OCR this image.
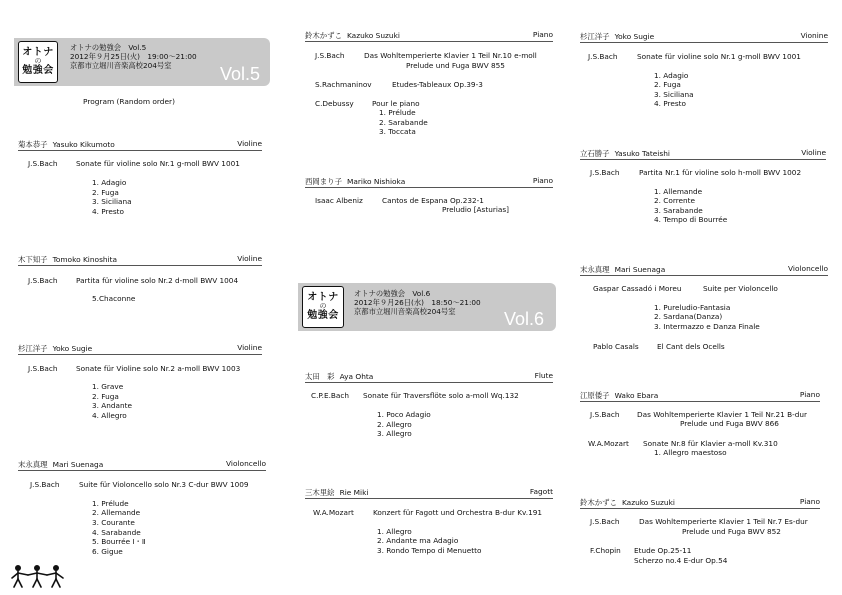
オトナ
の
勉強会
オトナの勉強会　Vol.5
2012年９月25日(火)　19:00〜21:00
京都市立堀川音楽高校204号室	Vol.5
Program (Random order)
菊本恭子 Yasuko Kikumoto	Violine
J.S.Bach	Sonate für violine solo Nr.1 g-moll BWV 1001
1. Adagio
2. Fuga
3. Siciliana
4. Presto
木下知子 Tomoko Kinoshita	Violine
J.S.Bach	Partita für violine solo Nr.2 d-moll BWV 1004
5.Chaconne
杉江洋子 Yoko Sugie	Violine
J.S.Bach	Sonate für Violine solo Nr.2 a-moll BWV 1003
1. Grave
2. Fuga
3. Andante
4. Allegro
末永真理 Mari Suenaga	Violoncello
J.S.Bach	Suite für Violoncello solo Nr.3 C-dur BWV 1009
1. Prélude
2. Allemande
3. Courante
4. Sarabande
5. Bourrée Ⅰ・Ⅱ
6. Gigue
鈴木かずこ Kazuko Suzuki	Piano
J.S.Bach	Das Wohltemperierte Klavier 1 Teil Nr.10 e-moll
Prelude und Fuga BWV 855
S.Rachmaninov	Etudes-Tableaux Op.39-3
C.Debussy	Pour le piano
1. Prélude
2. Sarabande
3. Toccata
西岡まり子 Mariko Nishioka	Piano
Isaac Albeniz	Cantos de Espana Op.232-1
Preludio [Asturias]
オトナ
の
勉強会
オトナの勉強会　Vol.6
2012年９月26日(水)　18:50〜21:00
京都市立堀川音楽高校204号室	Vol.6
太田　彩 Aya Ohta	Flute
C.P.E.Bach Sonate für Traversflöte solo a-moll Wq.132
1. Poco Adagio
2. Allegro
3. Allegro
三木里絵 Rie Miki	Fagott
W.A.Mozart	Konzert für Fagott und Orchestra B-dur Kv.191
1. Allegro
2. Andante ma Adagio
3. Rondo Tempo di Menuetto
杉江洋子 Yoko Sugie	Vionine
J.S.Bach	Sonate für violine solo Nr.1 g-moll BWV 1001
1. Adagio
2. Fuga
3. Siciliana
4. Presto
立石勝子 Yasuko Tateishi	Violine
J.S.Bach	Partita Nr.1 für violine solo h-moll BWV 1002
1. Allemande
2. Corrente
3. Sarabande
4. Tempo di Bourrée
末永真理 Mari Suenaga	Violoncello
Gaspar Cassadó i Moreu	Suite per Violoncello
1. Pureludio-Fantasia
2. Sardana(Danza)
3. Intermazzo e Danza Finale
Pablo Casals	El Cant dels Ocells
江原倭子 Wako Ebara	Piano
J.S.Bach Das Wohltemperierte Klavier 1 Teil Nr.21 B-dur
Prelude und Fuga BWV 866
W.A.Mozart Sonate Nr.8 für Klavier a-moll Kv.310
1. Allegro maestoso
鈴木かずこ Kazuko Suzuki	Piano
J.S.Bach	Das Wohltemperierte Klavier 1 Teil Nr.7 Es-dur
Prelude und Fuga BWV 852
F.Chopin Etude Op.25-11
Scherzo no.4 E-dur Op.54
